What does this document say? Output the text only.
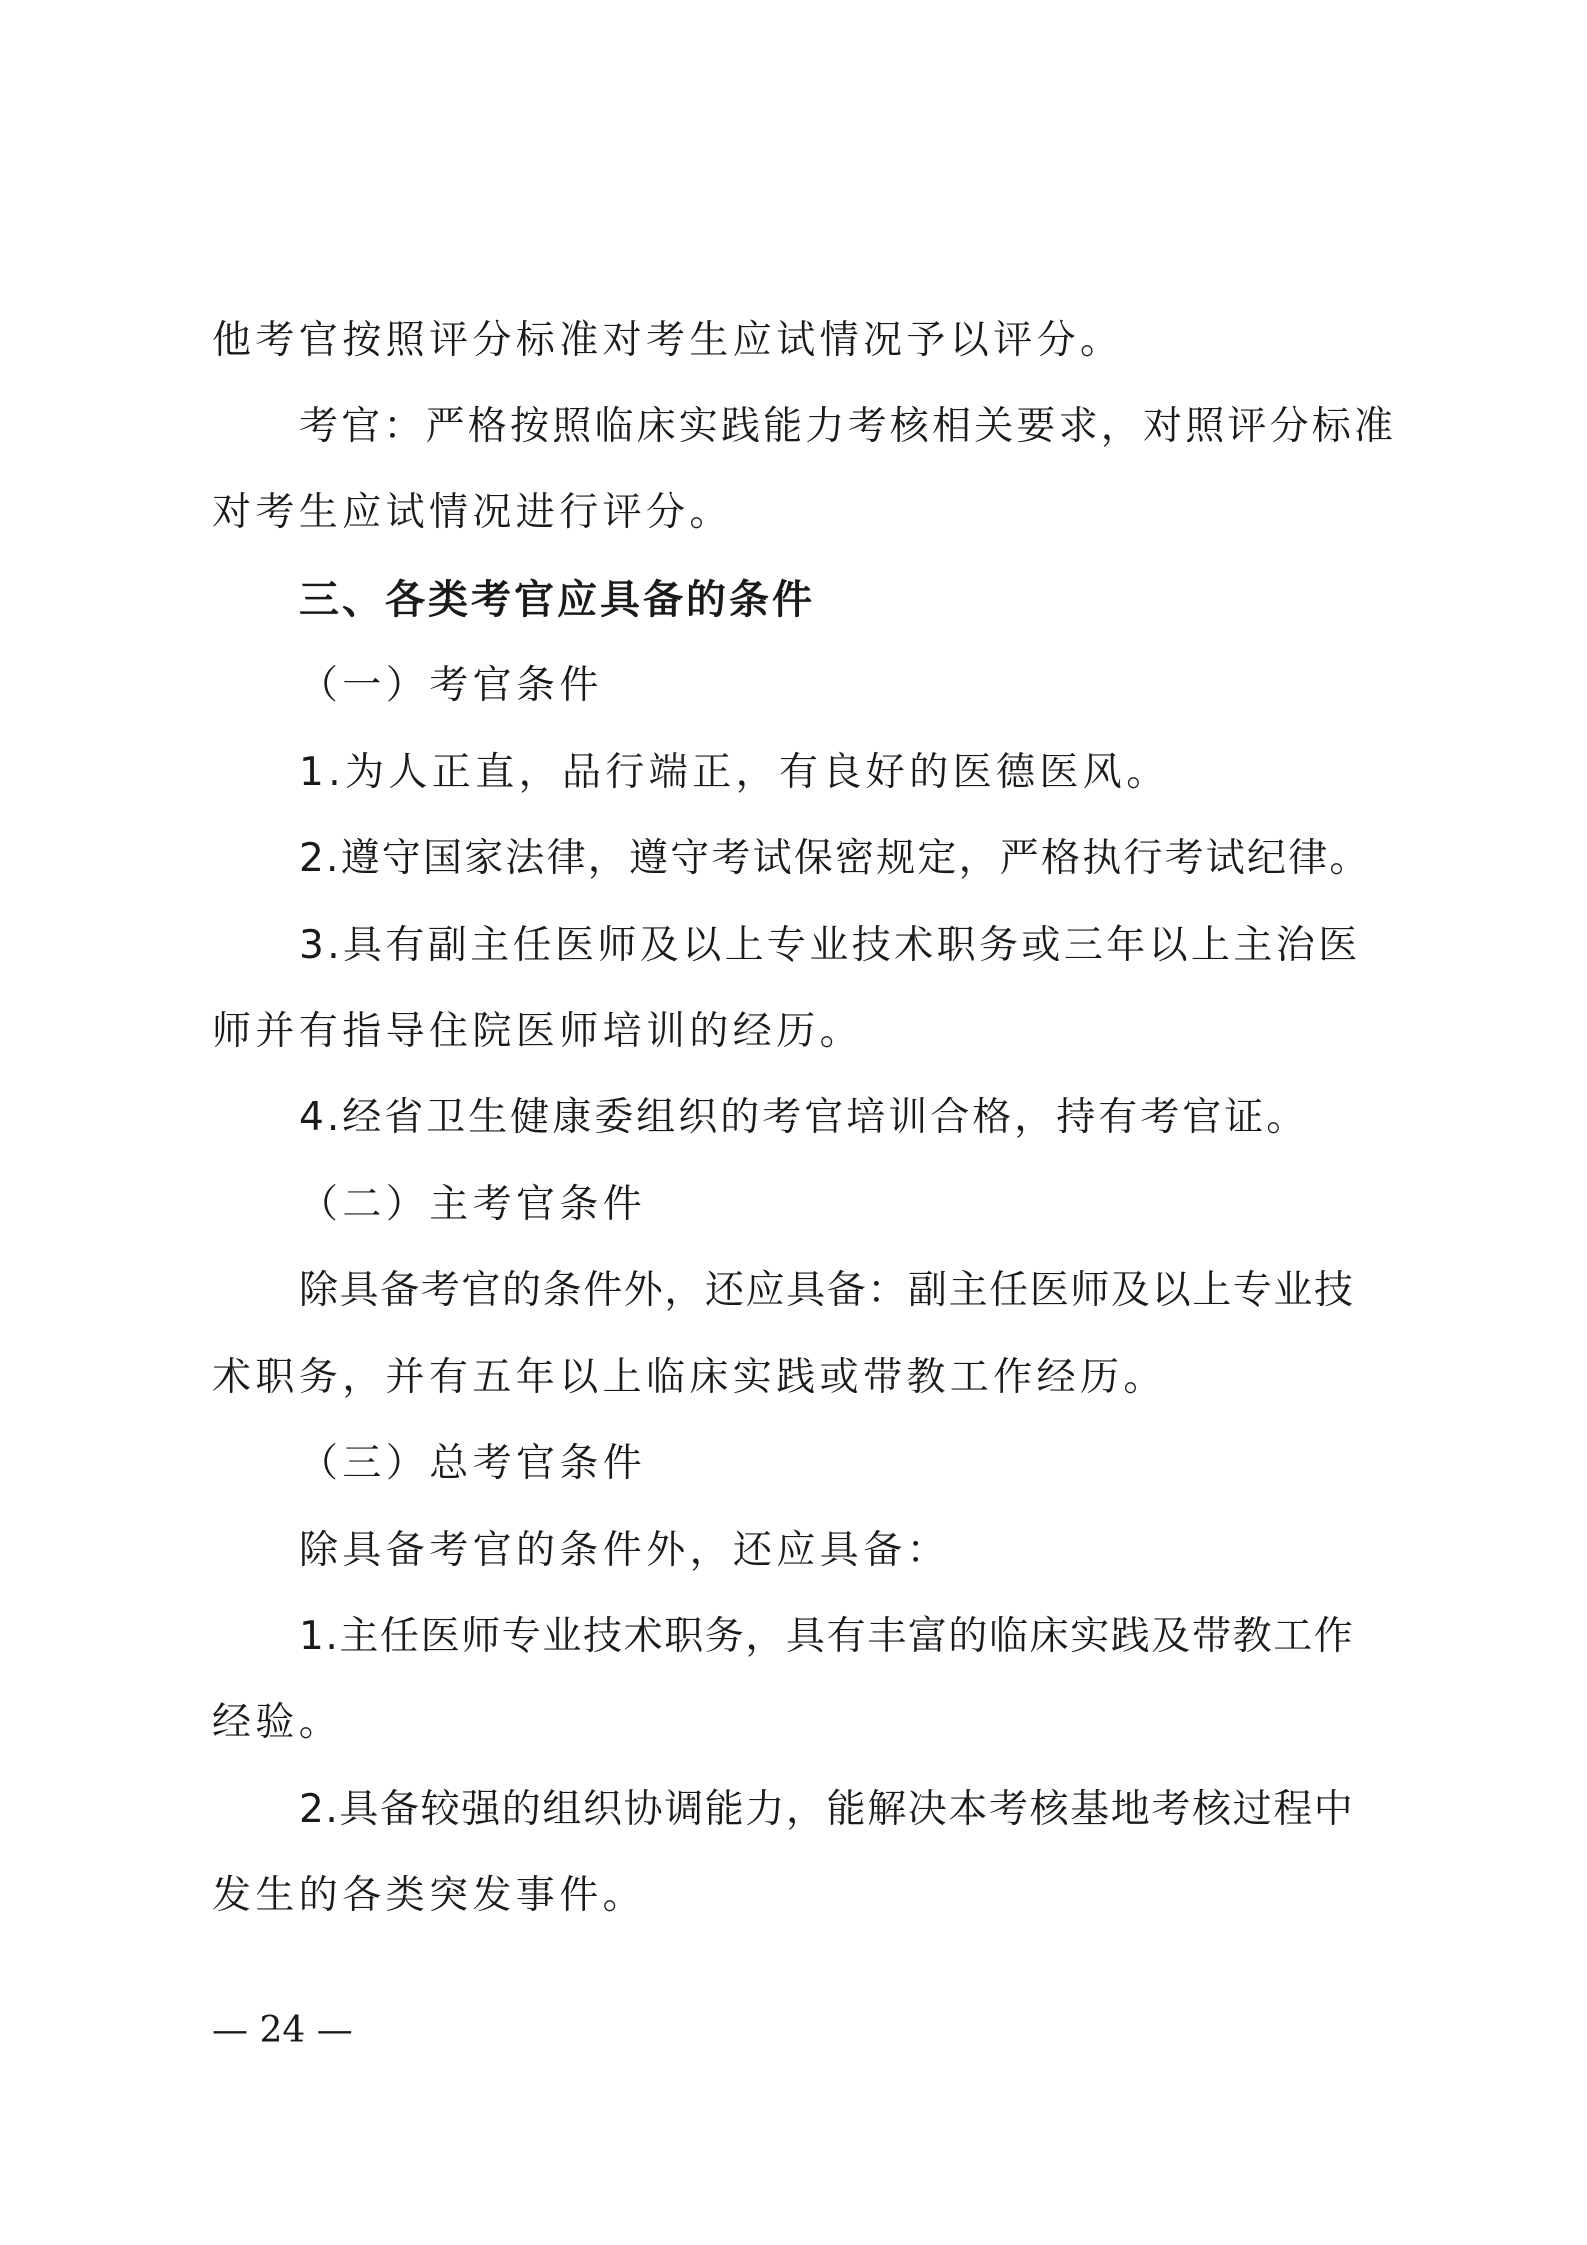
他考官按照评分标准对考生应试情况予以评分。
考官：严格按照临床实践能力考核相关要求，对照评分标准
对考生应试情况进行评分。
三、各类考官应具备的条件
（一）考官条件
1.为人正直，品行端正，有良好的医德医风。
2.遵守国家法律，遵守考试保密规定，严格执行考试纪律。
3.具有副主任医师及以上专业技术职务或三年以上主治医
师并有指导住院医师培训的经历。
4.经省卫生健康委组织的考官培训合格，持有考官证。
（二）主考官条件
除具备考官的条件外，还应具备：副主任医师及以上专业技
术职务，并有五年以上临床实践或带教工作经历。
（三）总考官条件
除具备考官的条件外，还应具备：
1.主任医师专业技术职务，具有丰富的临床实践及带教工作
经验。
2.具备较强的组织协调能力，能解决本考核基地考核过程中
发生的各类突发事件。
— 24 —
